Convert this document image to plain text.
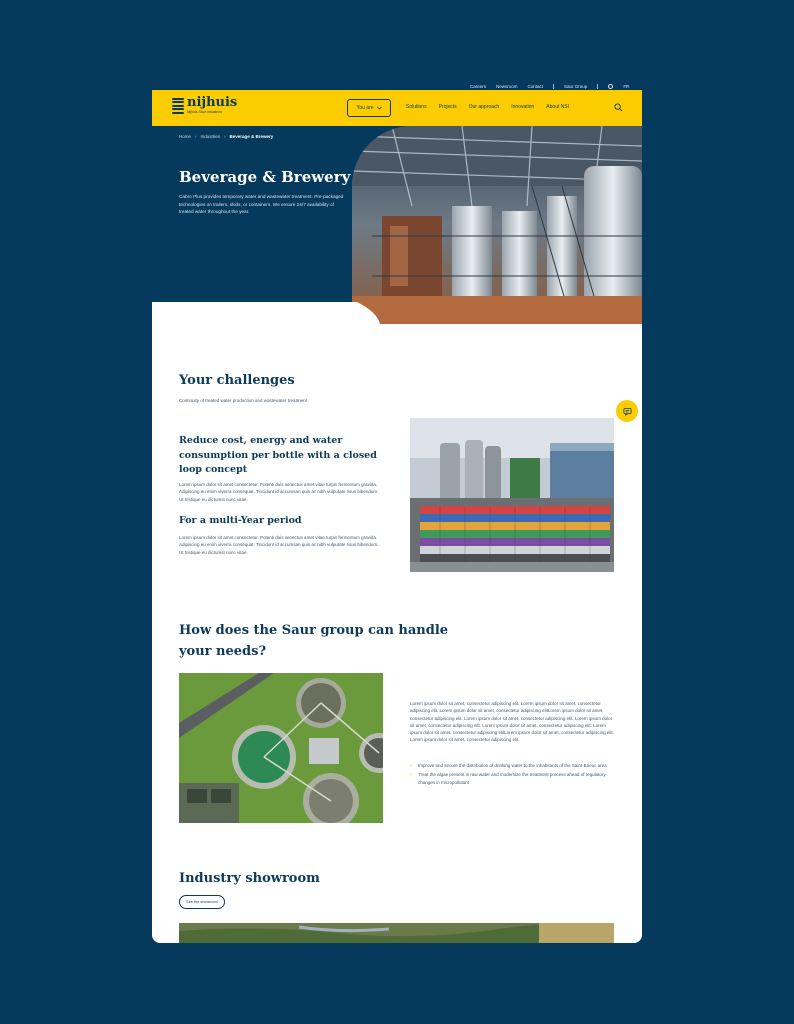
Careers Newsroom Contact	Saur Group	FR
nijhuis
Nijhuis Saur Industries
You are	Solutions Projects Our approach Innovation About NSI
Home › Industries › Beverage & Brewery
Beverage & Brewery

Cabro Plus provides temporary water and wastewater treatment. Pre-packaged technologies on trailers, skids, or containers. We ensure 24/7 availability of treated water throughout the year.

Your challenges
Continuity of treated water production and wastewater treatment
Reduce cost, energy and water consumption per bottle with a closed loop concept
Lorem ipsum dolor sit amet consectetur. Potenti duis senectus amet vitae turpis fermentum gravida. Adipiscing eu enim viverra consequat. Tincidunt id accumsan quis ac nibh vulputate risus bibendum. Ut tristique eu dictumst nunc vitae.
For a multi-Year period
Lorem ipsum dolor sit amet consectetur. Potenti duis senectus amet vitae turpis fermentum gravida. Adipiscing eu enim viverra consequat. Tincidunt id accumsan quis ac nibh vulputate risus bibendum. Ut tristique eu dictumst nunc vitae.
How does the Saur group can handle your needs?
Lorem ipsum dolor sit amet, consectetur adipiscing elit. Lorem ipsum dolor sit amet, consectetur adipiscing elit. Lorem ipsum dolor sit amet, consectetur adipiscing elitLorem ipsum dolor sit amet, consectetur adipiscing elit. Lorem ipsum dolor sit amet, consectetur adipiscing elit. Lorem ipsum dolor sit amet, consectetur adipiscing elit. Lorem ipsum dolor sit amet, consectetur adipiscing elit. Lorem ipsum dolor sit amet, consectetur adipiscing elitLorem ipsum dolor sit amet, consectetur adipiscing elit. Lorem ipsum dolor sit amet, consectetur adipiscing elit.
• Improve and secure the distribution of drinking water to the inhabitants of the Saint-Brieuc area
• Treat the algae present in raw water and modernize the treatment process ahead of regulatory changes in micropollutant
Industry showroom
See the showroom
